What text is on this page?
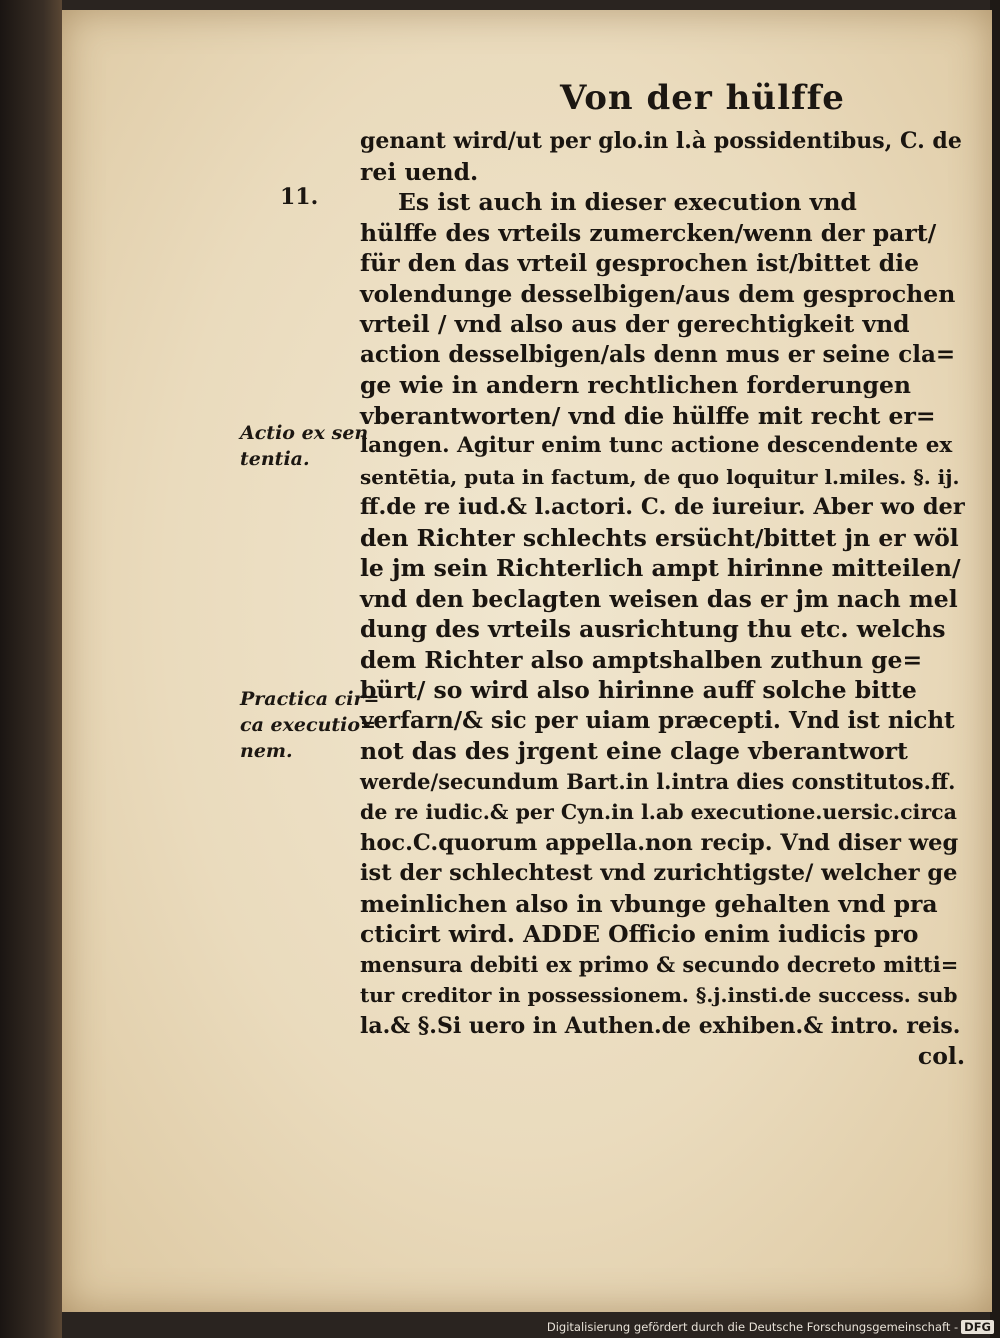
Von der hülffe
11.
Actio ex sen
tentia.
Practica cir=
ca executio=
nem.
genant wird/ut per glo.in l.à possidentibus, C. de
rei uend.
Es ist auch in dieser execution vnd
hülffe des vrteils zumercken/wenn der part/
für den das vrteil gesprochen ist/bittet die
volendunge desselbigen/aus dem gesprochen
vrteil / vnd also aus der gerechtigkeit vnd
action desselbigen/als denn mus er seine cla=
ge wie in andern rechtlichen forderungen
vberantworten/ vnd die hülffe mit recht er=
langen. Agitur enim tunc actione descendente ex
sentētia, puta in factum, de quo loquitur l.miles. §. ij.
ff.de re iud.& l.actori. C. de iureiur. Aber wo der
den Richter schlechts ersücht/bittet jn er wöl
le jm sein Richterlich ampt hirinne mitteilen/
vnd den beclagten weisen das er jm nach mel
dung des vrteils ausrichtung thu etc. welchs
dem Richter also amptshalben zuthun ge=
bürt/ so wird also hirinne auff solche bitte
verfarn/& sic per uiam præcepti. Vnd ist nicht
not das des jrgent eine clage vberantwort
werde/secundum Bart.in l.intra dies constitutos.ff.
de re iudic.& per Cyn.in l.ab executione.uersic.circa
hoc.C.quorum appella.non recip. Vnd diser weg
ist der schlechtest vnd zurichtigste/ welcher ge
meinlichen also in vbunge gehalten vnd pra
cticirt wird. ADDE Officio enim iudicis pro
mensura debiti ex primo & secundo decreto mitti=
tur creditor in possessionem. §.j.insti.de success. sub
la.& §.Si uero in Authen.de exhiben.& intro. reis.
col.
Digitalisierung gefördert durch die Deutsche Forschungsgemeinschaft - DFG
